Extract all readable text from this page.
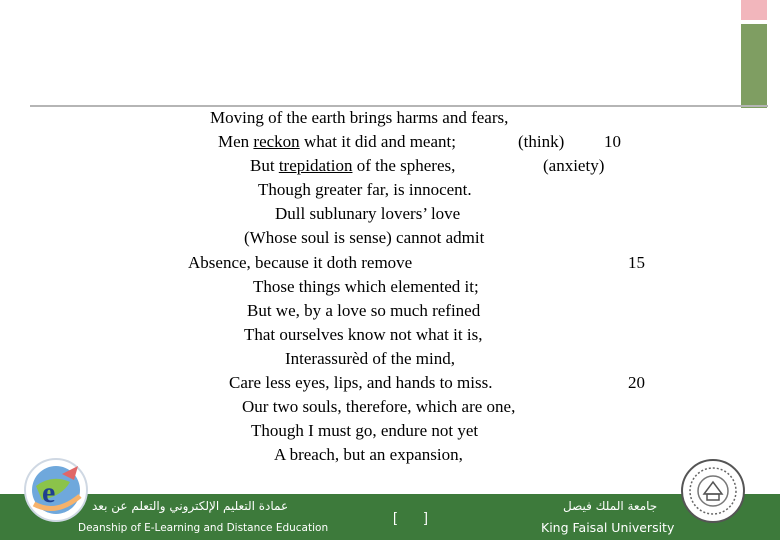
Moving of the earth brings harms and fears,
Men reckon what it did and meant;	(think) 10
But trepidation of the spheres,	(anxiety)
Though greater far, is innocent.
Dull sublunary lovers’ love
(Whose soul is sense) cannot admit
Absence, because it doth remove	15
Those things which elemented it;
But we, by a love so much refined
That ourselves know not what it is,
Interassurèd of the mind,
Care less eyes, lips, and hands to miss.	20
Our two souls, therefore, which are one,
Though I must go, endure not yet
A breach, but an expansion,
e	عمادة التعليم الإلكتروني والتعلم عن بعد
Deanship of E-Learning and Distance Education
[ ]
جامعة الملك فيصل
King Faisal University
